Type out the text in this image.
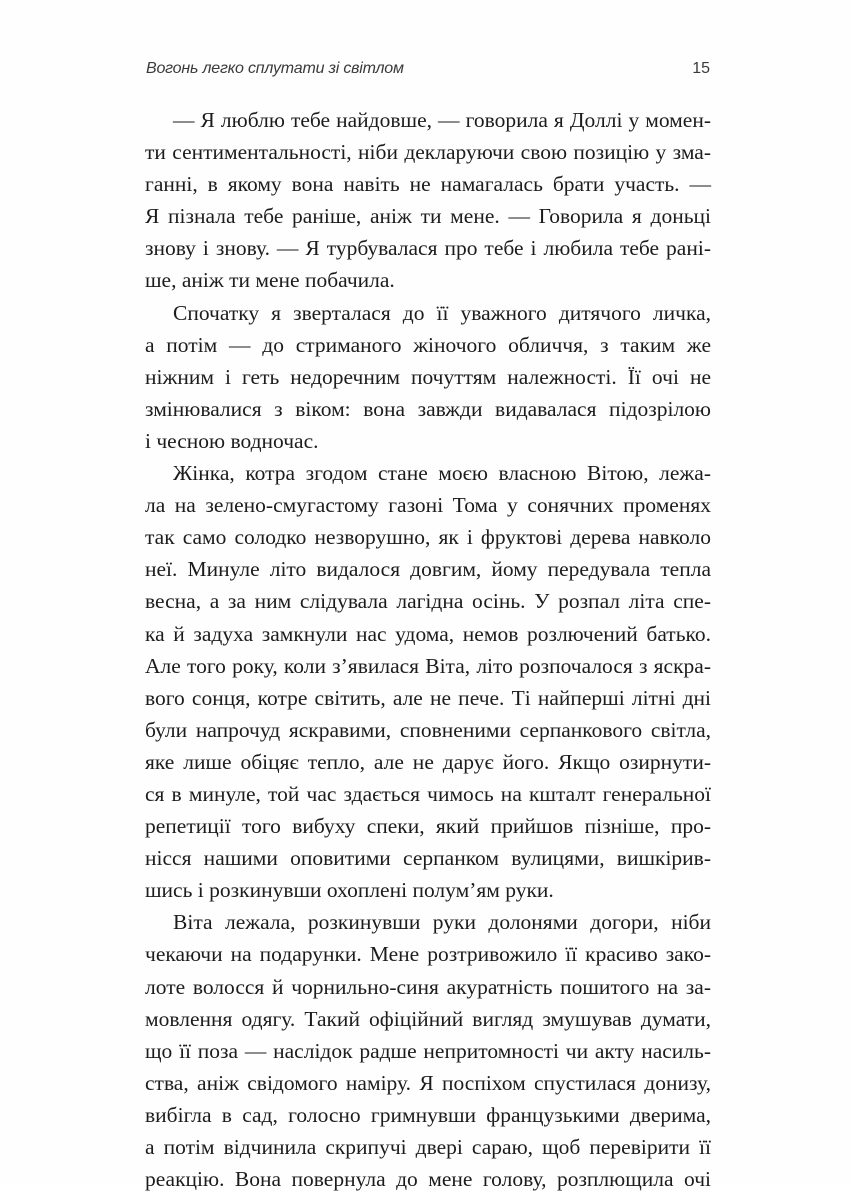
Вогонь легко сплутати зі світлом	15
— Я люблю тебе найдовше, — говорила я Доллі у момен-
ти сентиментальності, ніби декларуючи свою позицію у зма-
ганні, в якому вона навіть не намагалась брати участь. —
Я пізнала тебе раніше, аніж ти мене. — Говорила я доньці
знову і знову. — Я турбувалася про тебе і любила тебе рані-
ше, аніж ти мене побачила.
Спочатку я зверталася до її уважного дитячого личка,
а потім — до стриманого жіночого обличчя, з таким же
ніжним і геть недоречним почуттям належності. Її очі не
змінювалися з віком: вона завжди видавалася підозрілою
і чесною водночас.
Жінка, котра згодом стане моєю власною Вітою, лежа-
ла на зелено-смугастому газоні Тома у сонячних променях
так само солодко незворушно, як і фруктові дерева навколо
неї. Минуле літо видалося довгим, йому передувала тепла
весна, а за ним слідувала лагідна осінь. У розпал літа спе-
ка й задуха замкнули нас удома, немов розлючений батько.
Але того року, коли з’явилася Віта, літо розпочалося з яскра-
вого сонця, котре світить, але не пече. Ті найперші літні дні
були напрочуд яскравими, сповненими серпанкового світла,
яке лише обіцяє тепло, але не дарує його. Якщо озирнути-
ся в минуле, той час здається чимось на кшталт генеральної
репетиції того вибуху спеки, який прийшов пізніше, про-
нісся нашими оповитими серпанком вулицями, вишкірив-
шись і розкинувши охоплені полум’ям руки.
Віта лежала, розкинувши руки долонями догори, ніби
чекаючи на подарунки. Мене розтривожило її красиво зако-
лоте волосся й чорнильно-синя акуратність пошитого на за-
мовлення одягу. Такий офіційний вигляд змушував думати,
що її поза — наслідок радше непритомності чи акту насиль-
ства, аніж свідомого наміру. Я поспіхом спустилася донизу,
вибігла в сад, голосно гримнувши французькими дверима,
а потім відчинила скрипучі двері сараю, щоб перевірити її
реакцію. Вона повернула до мене голову, розплющила очі
